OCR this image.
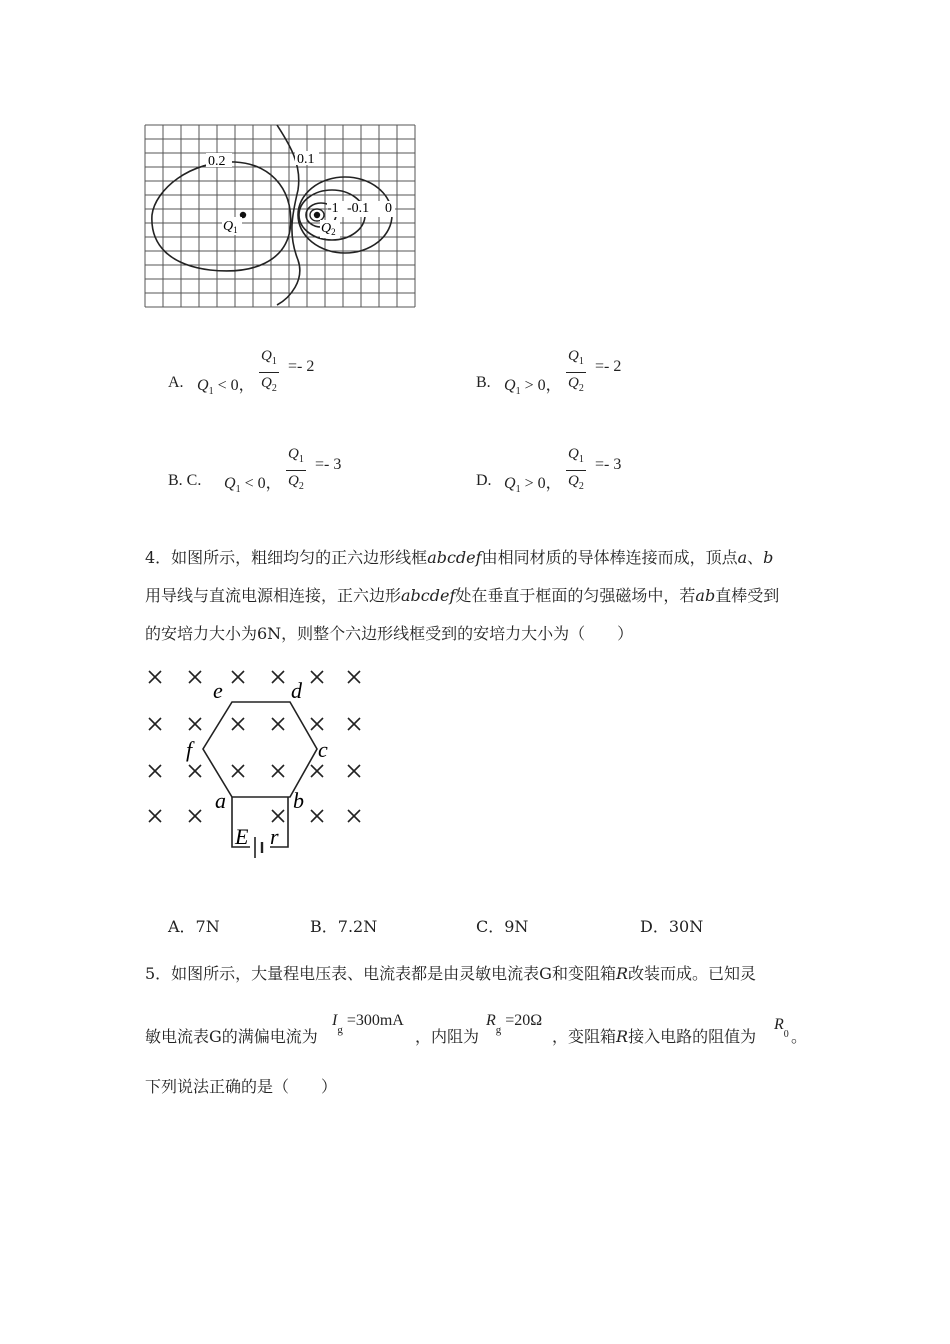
0.2	0.1
-1 -0.1 0
$Q_1$	$Q_2$
A. $Q_1 < 0$， $\frac{Q_1}{Q_2} =- 2$
B. $Q_1 > 0$， $\frac{Q_1}{Q_2} =- 2$
B. C. $Q_1 < 0$， $\frac{Q_1}{Q_2} =- 3$
D. $Q_1 > 0$， $\frac{Q_1}{Q_2} =- 3$
4．如图所示，粗细均匀的正六边形线框abcdef由相同材质的导体棒连接而成，顶点a、b
用导线与直流电源相连接，正六边形abcdef处在垂直于框面的匀强磁场中，若ab直棒受到
的安培力大小为6N，则整个六边形线框受到的安培力大小为（　　）
e	d
f	c
a	b
E r
A．7N	B．7.2N	C．9N	D．30N
5．如图所示，大量程电压表、电流表都是由灵敏电流表G和变阻箱R改装而成。已知灵
敏电流表G的满偏电流为
$I_g =300mA$
，内阻为
$R_g =20\Omega$
，变阻箱R接入电路的阻值为
$R_0$ 。
下列说法正确的是（　　）
